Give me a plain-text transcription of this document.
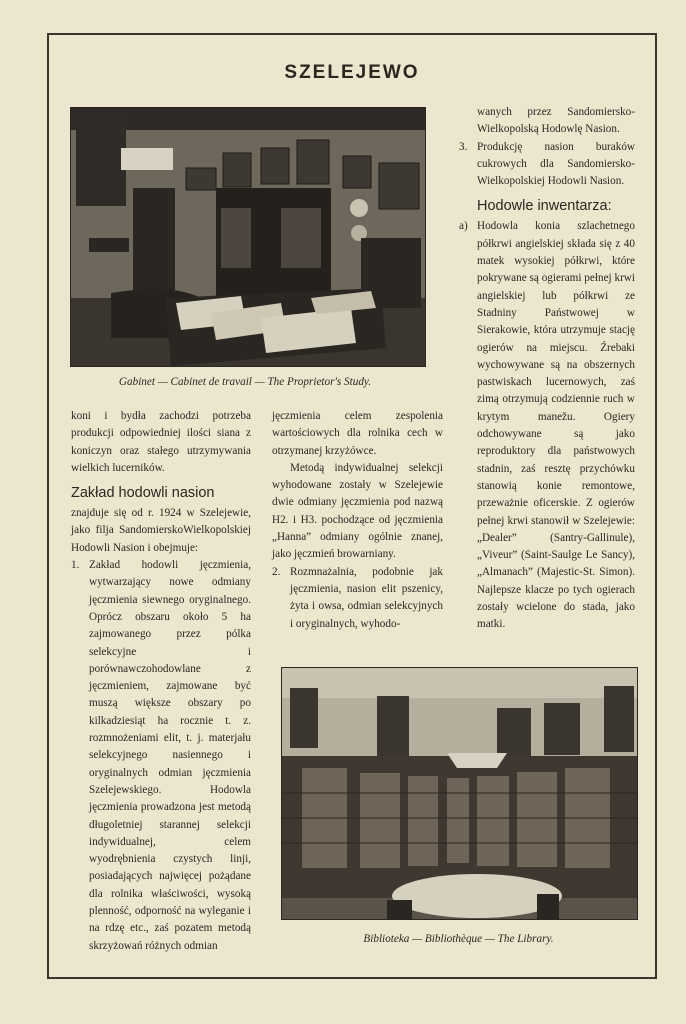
SZELEJEWO
Gabinet — Cabinet de travail — The Proprietor's Study.
Biblioteka — Bibliothèque — The Library.

koni i bydła zachodzi potrzeba produkcji odpowiedniej ilości siana z koniczyn oraz stałego utrzymywania wielkich lucerników.

Zakład hodowli nasion

znajduje się od r. 1924 w Szelejewie, jako filja SandomierskoWielkopolskiej Hodowli Nasion i obejmuje:

1. Zakład hodowli jęczmienia, wytwarzający nowe odmiany jęczmienia siewnego oryginalnego. Oprócz obszaru około 5 ha zajmowanego przez pólka selekcyjne i porównawczohodowlane z jęczmieniem, zajmowane być muszą większe obszary po kilkadziesiąt ha rocznie t. z. rozmnożeniami elit, t. j. materjału selekcyjnego nasiennego i oryginalnych odmian jęczmienia Szelejewskiego. Hodowla jęczmienia prowadzona jest metodą długoletniej starannej selekcji indywidualnej, celem wyodrębnienia czystych linji, posiadających najwięcej pożądane dla rolnika właściwości, wysoką plenność, odporność na wyleganie i na rdzę etc., zaś pozatem metodą skrzyżowań różnych odmian

jęczmienia celem zespolenia wartościowych dla rolnika cech w otrzymanej krzyżówce.

Metodą indywidualnej selekcji wyhodowane zostały w Szelejewie dwie odmiany jęczmienia pod nazwą H2. i H3. pochodzące od jęczmienia „Hanna” odmiany ogólnie znanej, jako jęczmień browarniany.

2. Rozmnażalnia, podobnie jak jęczmienia, nasion elit pszenicy, żyta i owsa, odmian selekcyjnych i oryginalnych, wyhodo-

wanych przez Sandomiersko-Wielkopolską Hodowlę Nasion.

3. Produkcję nasion buraków cukrowych dla Sandomiersko-Wielkopolskiej Hodowli Nasion.
Hodowle inwentarza:
a) Hodowla konia szlachetnego półkrwi angielskiej składa się z 40 matek wysokiej półkrwi, które pokrywane są ogierami pełnej krwi angielskiej lub półkrwi ze Stadniny Państwowej w Sierakowie, która utrzymuje stację ogierów na miejscu. Źrebaki wychowywane są na obszernych pastwiskach lucernowych, zaś zimą otrzymują codziennie ruch w krytym manežu. Ogiery odchowywane są jako reproduktory dla państwowych stadnin, zaś resztę przychówku stanowią konie remontowe, przeważnie oficerskie. Z ogierów pełnej krwi stanowił w Szelejewie: „Dealer” (Santry-Gallinule), „Viveur” (Saint-Saulge Le Sancy), „Almanach” (Majestic-St. Simon). Najlepsze klacze po tych ogierach zostały wcielone do stada, jako matki.
